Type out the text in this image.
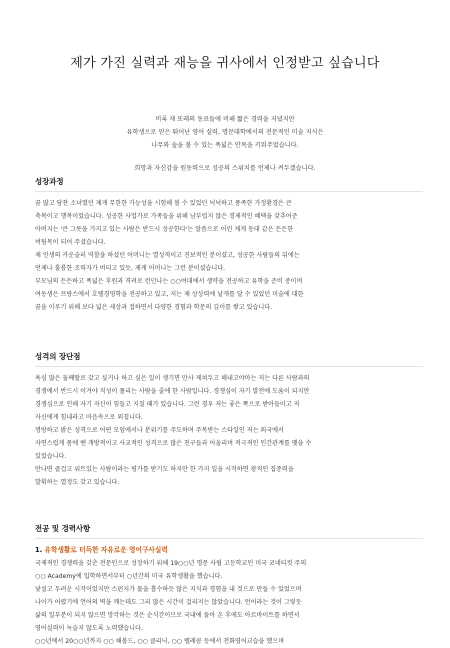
제가 가진 실력과 재능을 귀사에서 인정받고 싶습니다
비록 제 또래의 동료들에 비해 짧은 경력을 지녔지만
유학생으로 얻은 뛰어난 영어 실력, 명문대학에서의 전문적인 미술 지식은
나무와 숲을 볼 수 있는 폭넓은 안목을 키워주었습니다.
희망과 자신감을 원동력으로 성공의 스위치를 언제나 켜두겠습니다.
성장과정
꿈 많고 당찬 소녀였던 제게 무한한 가능성을 시험해 볼 수 있었던 넉넉하고 풍족한 가정환경은 큰
축복이고 행복이었습니다. 성공한 사업가로 가족들을 위해 남부럽지 않은 경제적인 혜택을 갖추어준
아버지는 '큰 그릇을 가지고 있는 사람은 반드시 성공한다'는 말씀으로 어린 제게 동대 같은 든든한
버팀목이 되어 주셨습니다.
제 인생의 카운슬러 역할을 하셨던 어머니는 열성적이고 진보적인 분이셨고, 성공한 사람들의 뒤에는
언제나 훌륭한 조력자가 버티고 있듯, 제게 어머니는 그런 분이셨습니다.
부모님의 든든하고 폭넓은 후원과 격려로 런던나는 ○○여대에서 생약을 전공하고 유학을 준비 중이며
여동생은 프랑스에서 호텔경영학을 전공하고 있고, 저는 제 상상력에 날개를 달 수 있었던 미술에 대한
꿈을 이루기 위해 보다 넓은 세상과 접하면서 다양한 경험과 학문의 깊이를 쌓고 있습니다.
성격의 장단점
욕심 많은 둘째딸로 갖고 싶거나 하고 싶은 일이 생기면 만사 제쳐두고 해내고야마는 저는 다른 사람과의
경쟁에서 반드시 이겨야 직성이 풀리는 사람을 줄에 한 사람입니다. 경쟁심이 자기 발전에 도움이 되지만
경쟁심으로 인해 자기 자신이 힘들고 지칠 때가 있습니다. 그런 경우 저는 좋은 쪽으로 받아들이고 저
자신에게 힘내라고 마음속으로 외칩니다.
명랑하고 밝은 성격으로 어떤 모임에서나 분위기를 주도하며 주목받는 스타일인 저는 외국에서
자연스럽게 몸에 밴 개방적이고 사교적인 성격으로 많은 친구들과 어울리며 적극적인 인간관계를 맺을 수
있었습니다.
만나면 즐겁고 위트있는 사람이라는 평가를 받기도 하지만 한 가지 일을 시작하면 광적인 집중력을
발휘하는 열정도 갖고 있습니다.
전공 및 경력사항
1. 유학생활로 터득한 자유로운 영어구사실력
국제적인 경쟁력을 갖춘 전문인으로 성장하기 위해 19○○년 명문 사립 고등학교인 미국 코네티컷 주의
○○ Academy에 입학하면서부터 ○년간의 미국 유학생활을 했습니다.
낯설고 두려운 시작이었지만 스펀지가 물을 흡수하듯 많은 지식과 경험을 내 것으로 만들 수 있었으며
나이가 어렸기에 언어의 벽을 깨는데도 그리 많은 시간이 걸리지는 않았습니다. 언어라는 것이 그렇듯
삶의 일부분이 되지 않으면 망각하는 것은 순식간이므로 국내에 돌아 온 후에도 아르바이트를 하면서
영어실력이 녹슬지 않도록 노력했습니다.
○○년에서 20○○년까지 ○○ 해볼드, ○○ 클리닉, ○○ 텔레콤 등에서 전화영어교습을 했으며
